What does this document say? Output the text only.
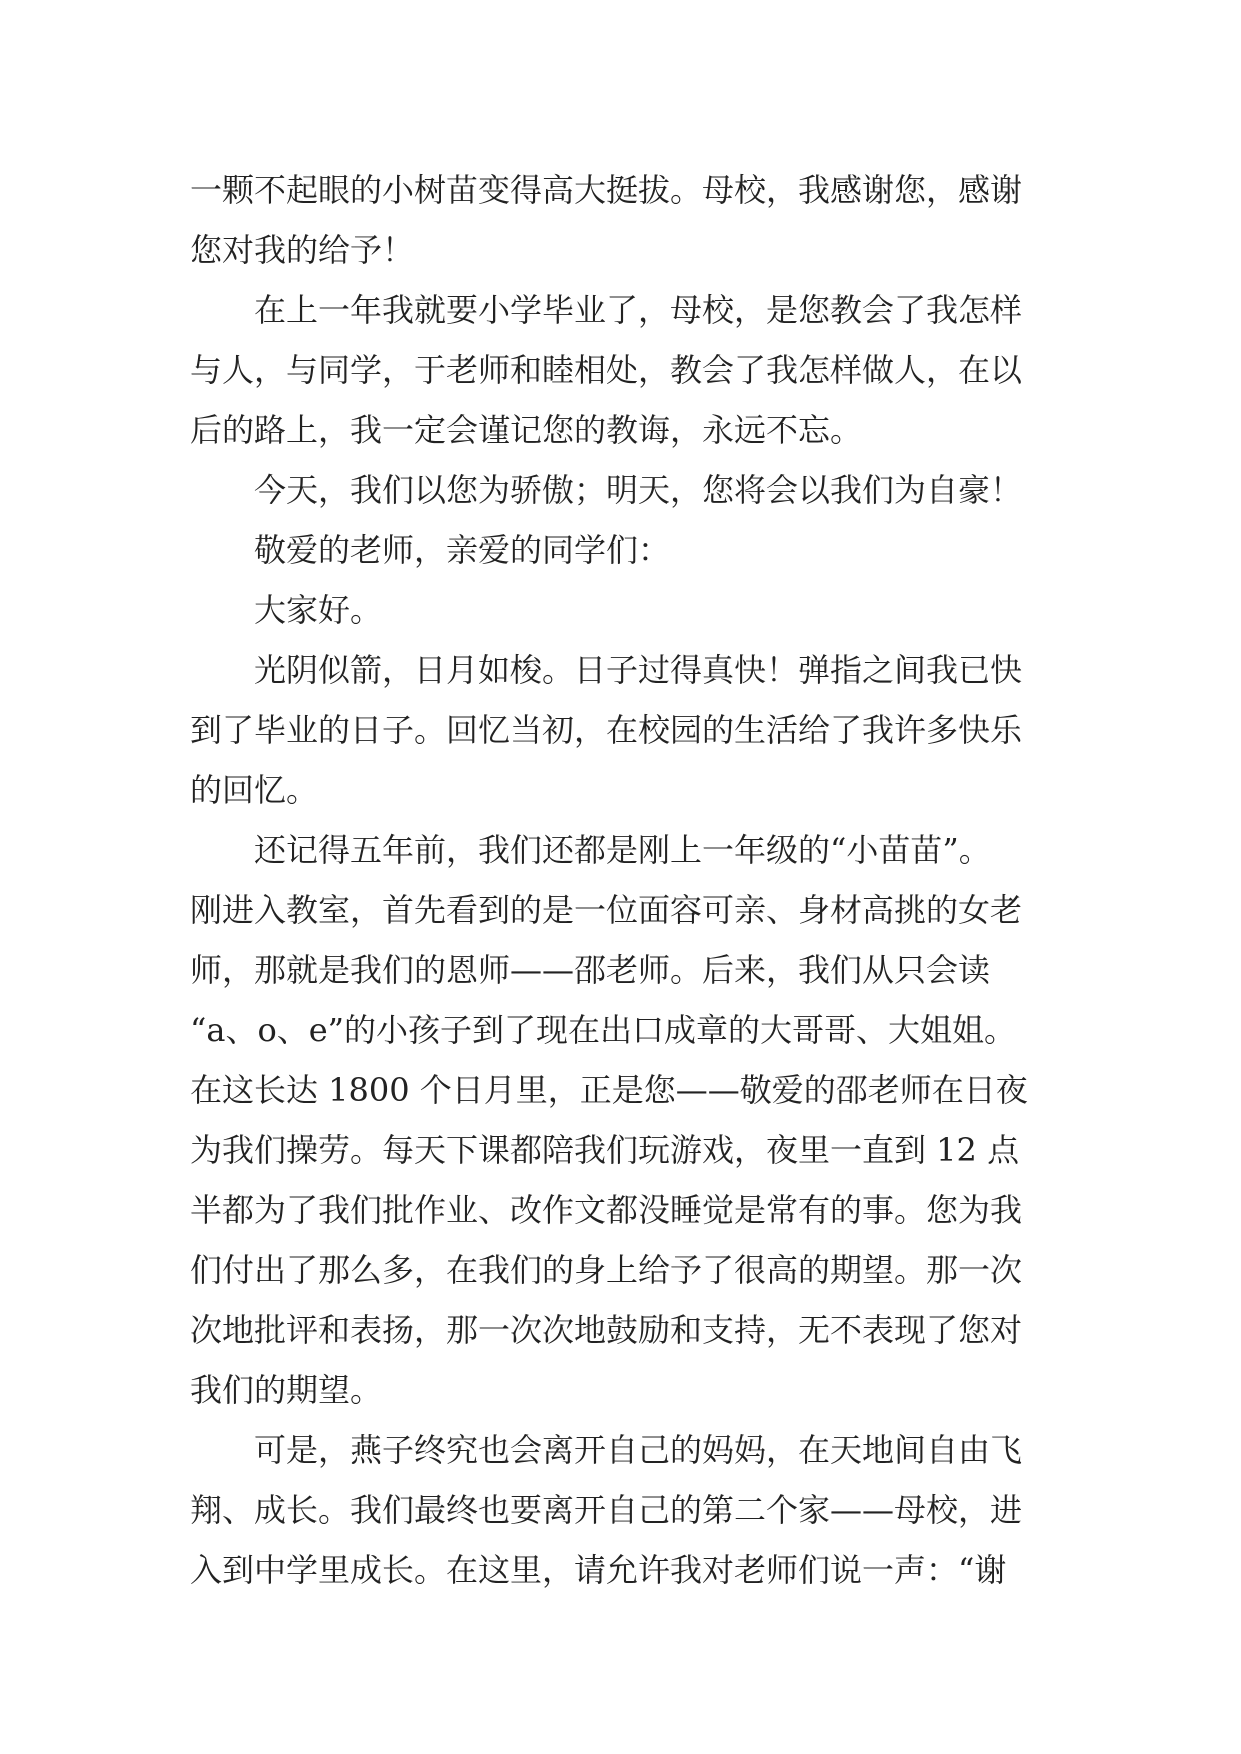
一颗不起眼的小树苗变得高大挺拔。母校，我感谢您，感谢
您对我的给予！
在上一年我就要小学毕业了，母校，是您教会了我怎样
与人，与同学，于老师和睦相处，教会了我怎样做人，在以
后的路上，我一定会谨记您的教诲，永远不忘。
今天，我们以您为骄傲；明天，您将会以我们为自豪！
敬爱的老师，亲爱的同学们：
大家好。
光阴似箭，日月如梭。日子过得真快！弹指之间我已快
到了毕业的日子。回忆当初，在校园的生活给了我许多快乐
的回忆。
还记得五年前，我们还都是刚上一年级的“小苗苗”。
刚进入教室，首先看到的是一位面容可亲、身材高挑的女老
师，那就是我们的恩师——邵老师。后来，我们从只会读
“a、o、e”的小孩子到了现在出口成章的大哥哥、大姐姐。
在这长达 1800 个日月里，正是您——敬爱的邵老师在日夜
为我们操劳。每天下课都陪我们玩游戏，夜里一直到 12 点
半都为了我们批作业、改作文都没睡觉是常有的事。您为我
们付出了那么多，在我们的身上给予了很高的期望。那一次
次地批评和表扬，那一次次地鼓励和支持，无不表现了您对
我们的期望。
可是，燕子终究也会离开自己的妈妈，在天地间自由飞
翔、成长。我们最终也要离开自己的第二个家——母校，进
入到中学里成长。在这里，请允许我对老师们说一声：“谢
